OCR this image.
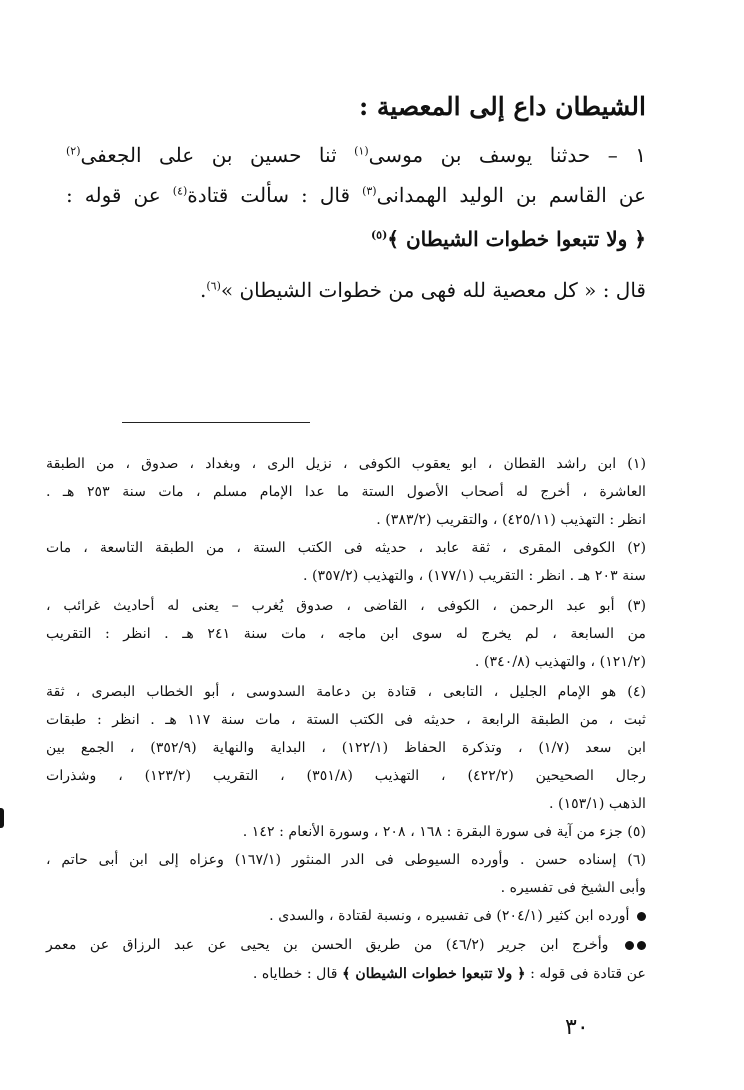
الشيطان داع إلى المعصية :

١ – حدثنا يوسف بن موسى$^{(١)}$ ثنا حسين بن على الجعفى$^{(٢)}$

عن القاسم بن الوليد الهمدانى$^{(٣)}$ قال : سألت قتادة$^{(٤)}$ عن قوله :

﴿ ولا تتبعوا خطوات الشيطان ﴾$^{(٥)}$

قال : « كل معصية لله فهى من خطوات الشيطان »$^{(٦)}$.

(١) ابن راشد القطان ، ابو يعقوب الكوفى ، نزيل الرى ، وبغداد ، صدوق ، من الطبقة

العاشرة ، أخرج له أصحاب الأصول الستة ما عدا الإمام مسلم ، مات سنة ٢٥٣ هـ .

انظر : التهذيب (٤٢٥/١١) ، والتقريب (٣٨٣/٢) .

(٢) الكوفى المقرى ، ثقة عابد ، حديثه فى الكتب الستة ، من الطبقة التاسعة ، مات

سنة ٢٠٣ هـ . انظر : التقريب (١٧٧/١) ، والتهذيب (٣٥٧/٢) .

(٣) أبو عبد الرحمن ، الكوفى ، القاضى ، صدوق يُغرب – يعنى له أحاديث غرائب ،

من السابعة ، لم يخرج له سوى ابن ماجه ، مات سنة ٢٤١ هـ . انظر : التقريب

(١٢١/٢) ، والتهذيب (٣٤٠/٨) .

(٤) هو الإمام الجليل ، التابعى ، قتادة بن دعامة السدوسى ، أبو الخطاب البصرى ، ثقة

ثبت ، من الطبقة الرابعة ، حديثه فى الكتب الستة ، مات سنة ١١٧ هـ . انظر : طبقات

ابن سعد (١/٧) ، وتذكرة الحفاظ (١٢٢/١) ، البداية والنهاية (٣٥٢/٩) ، الجمع بين

رجال الصحيحين (٤٢٢/٢) ، التهذيب (٣٥١/٨) ، التقريب (١٢٣/٢) ، وشذرات

الذهب (١٥٣/١) .

(٥) جزء من آية فى سورة البقرة : ١٦٨ ، ٢٠٨ ، وسورة الأنعام : ١٤٢ .

(٦) إسناده حسن . وأورده السيوطى فى الدر المنثور (١٦٧/١) وعزاه إلى ابن أبى حاتم ،

وأبى الشيخ فى تفسيره .

أورده ابن كثير (٢٠٤/١) فى تفسيره ، ونسبة لقتادة ، والسدى .

وأخرج ابن جرير (٤٦/٢) من طريق الحسن بن يحيى عن عبد الرزاق عن معمر

عن قتادة فى قوله : ﴿ ولا تتبعوا خطوات الشيطان ﴾ قال : خطاياه .

٣٠
